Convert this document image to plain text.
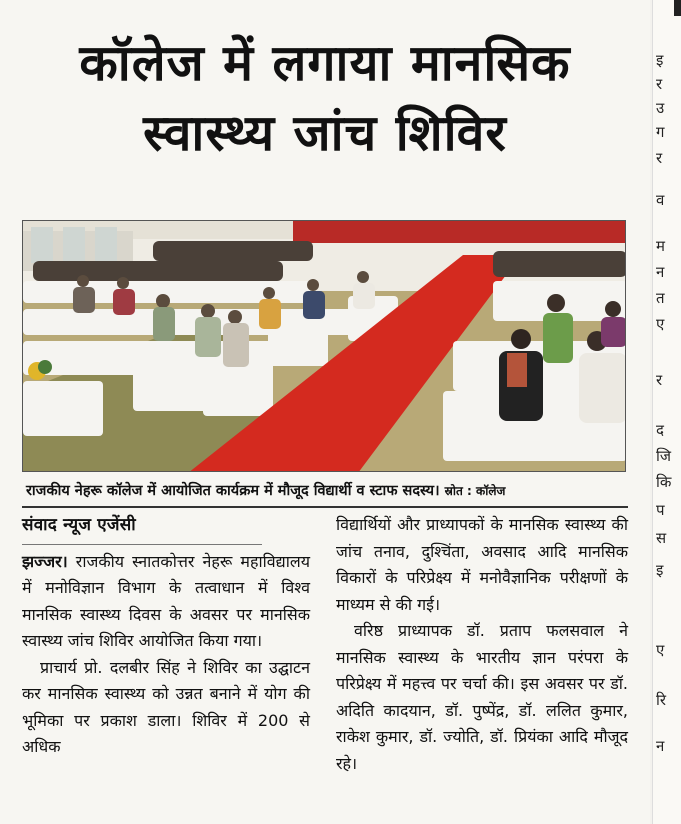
कॉलेज में लगाया मानसिक
स्वास्थ्य जांच शिविर
राजकीय नेहरू कॉलेज में आयोजित कार्यक्रम में मौजूद विद्यार्थी व स्टाफ सदस्य। स्रोत : कॉलेज

संवाद न्यूज एजेंसी

झज्जर। राजकीय स्नातकोत्तर नेहरू महाविद्यालय में मनोविज्ञान विभाग के तत्वाधान में विश्व मानसिक स्वास्थ्य दिवस के अवसर पर मानसिक स्वास्थ्य जांच शिविर आयोजित किया गया।

प्राचार्य प्रो. दलबीर सिंह ने शिविर का उद्घाटन कर मानसिक स्वास्थ्य को उन्नत बनाने में योग की भूमिका पर प्रकाश डाला। शिविर में 200 से अधिक

विद्यार्थियों और प्राध्यापकों के मानसिक स्वास्थ्य की जांच तनाव, दुश्चिंता, अवसाद आदि मानसिक विकारों के परिप्रेक्ष्य में मनोवैज्ञानिक परीक्षणों के माध्यम से की गई।

वरिष्ठ प्राध्यापक डॉ. प्रताप फलसवाल ने मानसिक स्वास्थ्य के भारतीय ज्ञान परंपरा के परिप्रेक्ष्य में महत्त्व पर चर्चा की। इस अवसर पर डॉ. अदिति कादयान, डॉ. पुष्पेंद्र, डॉ. ललित कुमार, राकेश कुमार, डॉ. ज्योति, डॉ. प्रियंका आदि मौजूद रहे।

इ
र
उ
ग
र
व
म
न
त
ए
र
द
जि
कि
प
स
इ
ए
रि
न
